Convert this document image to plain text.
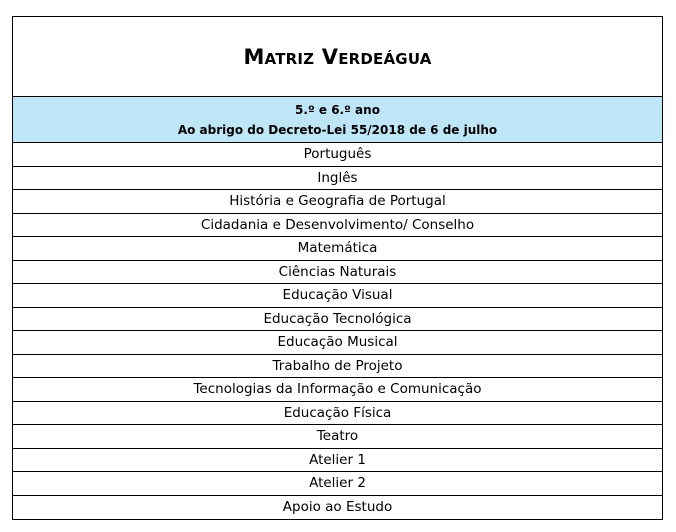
Matriz Verdeágua
5.º e 6.º ano
Ao abrigo do Decreto-Lei 55/2018 de 6 de julho
Português
Inglês
História e Geografia de Portugal
Cidadania e Desenvolvimento/ Conselho
Matemática
Ciências Naturais
Educação Visual
Educação Tecnológica
Educação Musical
Trabalho de Projeto
Tecnologias da Informação e Comunicação
Educação Física
Teatro
Atelier 1
Atelier 2
Apoio ao Estudo
